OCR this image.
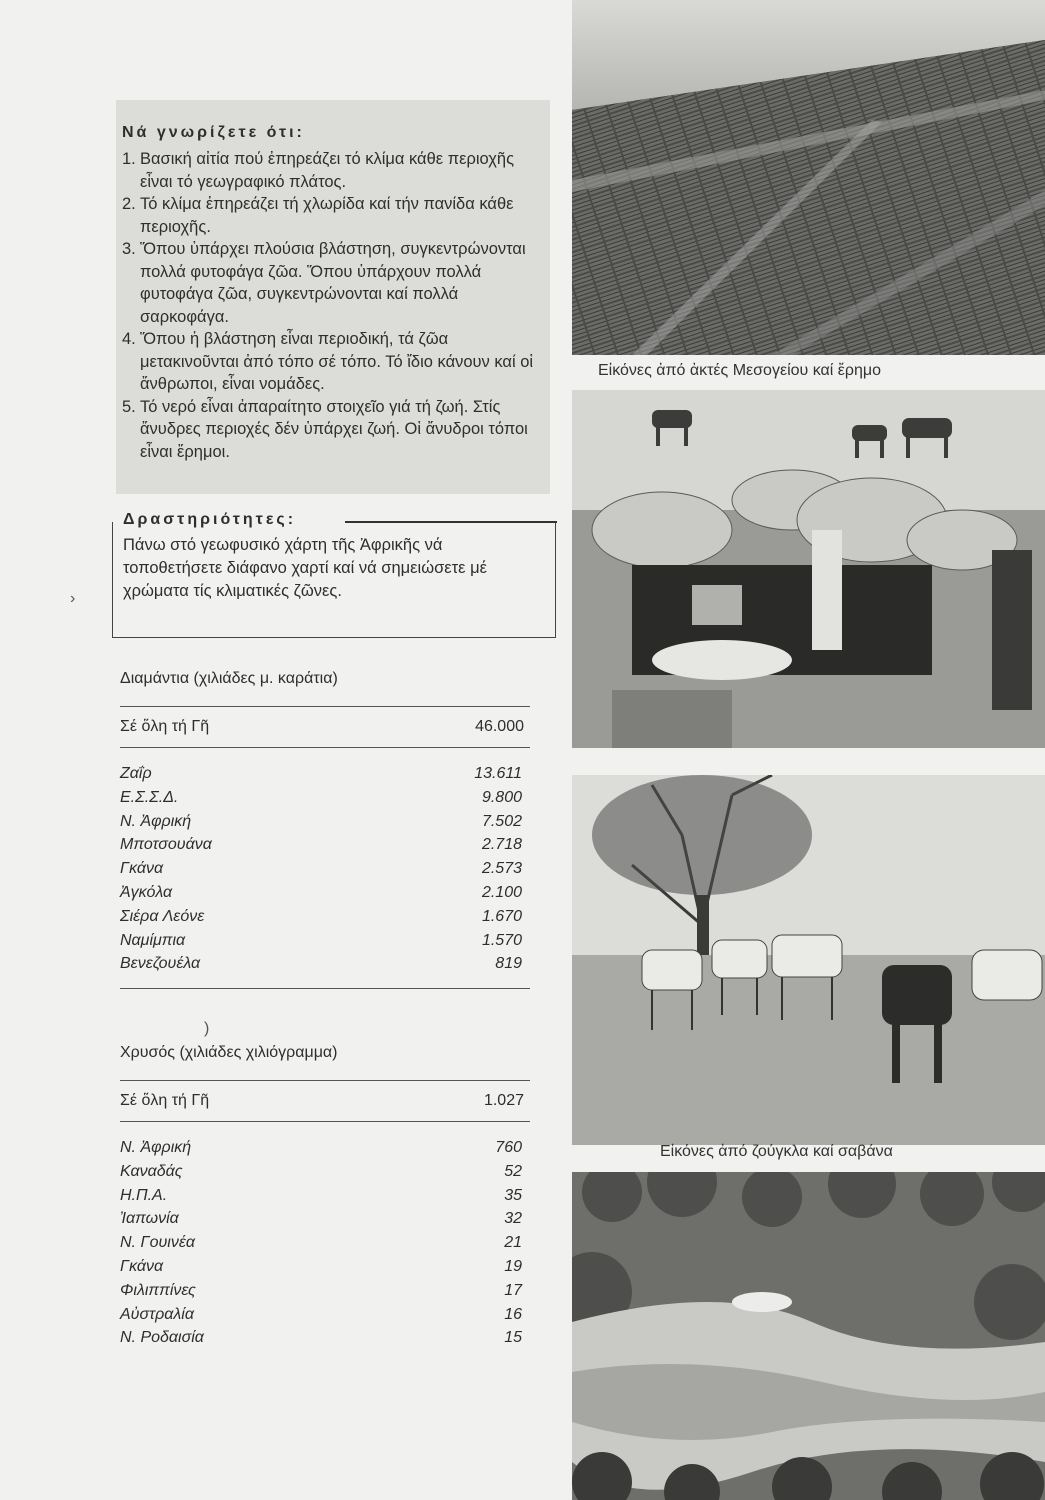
Νά γνωρίζετε ότι:
1. Βασική αἰτία πού ἐπηρεάζει τό κλίμα κάθε περιοχῆς εἶναι τό γεωγραφικό πλάτος.
2. Τό κλίμα ἐπηρεάζει τή χλωρίδα καί τήν πανίδα κάθε περιοχῆς.
3. Ὅπου ὑπάρχει πλούσια βλάστηση, συγκεντρώνονται πολλά φυτοφάγα ζῶα. Ὅπου ὑπάρχουν πολλά φυτοφάγα ζῶα, συγκεντρώνονται καί πολλά σαρκοφάγα.
4. Ὅπου ἡ βλάστηση εἶναι περιοδική, τά ζῶα μετακινοῦνται ἀπό τόπο σέ τόπο. Τό ἴδιο κάνουν καί οἱ ἄνθρωποι, εἶναι νομάδες.
5. Τό νερό εἶναι ἀπαραίτητο στοιχεῖο γιά τή ζωή. Στίς ἄνυδρες περιοχές δέν ὑπάρχει ζωή. Οἱ ἄνυδροι τόποι εἶναι ἔρημοι.
Δραστηριότητες:
Πάνω στό γεωφυσικό χάρτη τῆς Ἀφρικῆς νά τοποθετήσετε διάφανο χαρτί καί νά σημειώσετε μέ χρώματα τίς κλιματικές ζῶνες.
›
Διαμάντια (χιλιάδες μ. καράτια)
Σέ ὅλη τή Γῆ	46.000
Ζαΐρ	13.611
Ε.Σ.Σ.Δ.	9.800
Ν. Ἀφρική	7.502
Μποτσουάνα	2.718
Γκάνα	2.573
Ἀγκόλα	2.100
Σιέρα Λεόνε	1.670
Ναμίμπια	1.570
Βενεζουέλα	819
Χρυσός (χιλιάδες χιλιόγραμμα)
Σέ ὅλη τή Γῆ	1.027
Ν. Ἀφρική	760
Καναδάς	52
Η.Π.Α.	35
Ἰαπωνία	32
Ν. Γουινέα	21
Γκάνα	19
Φιλιππίνες	17
Αὐστραλία	16
Ν. Ροδαισία	15
)
Εἰκόνες ἀπό ἀκτές Μεσογείου καί ἔρημο
Εἰκόνες ἀπό ζούγκλα καί σαβάνα
